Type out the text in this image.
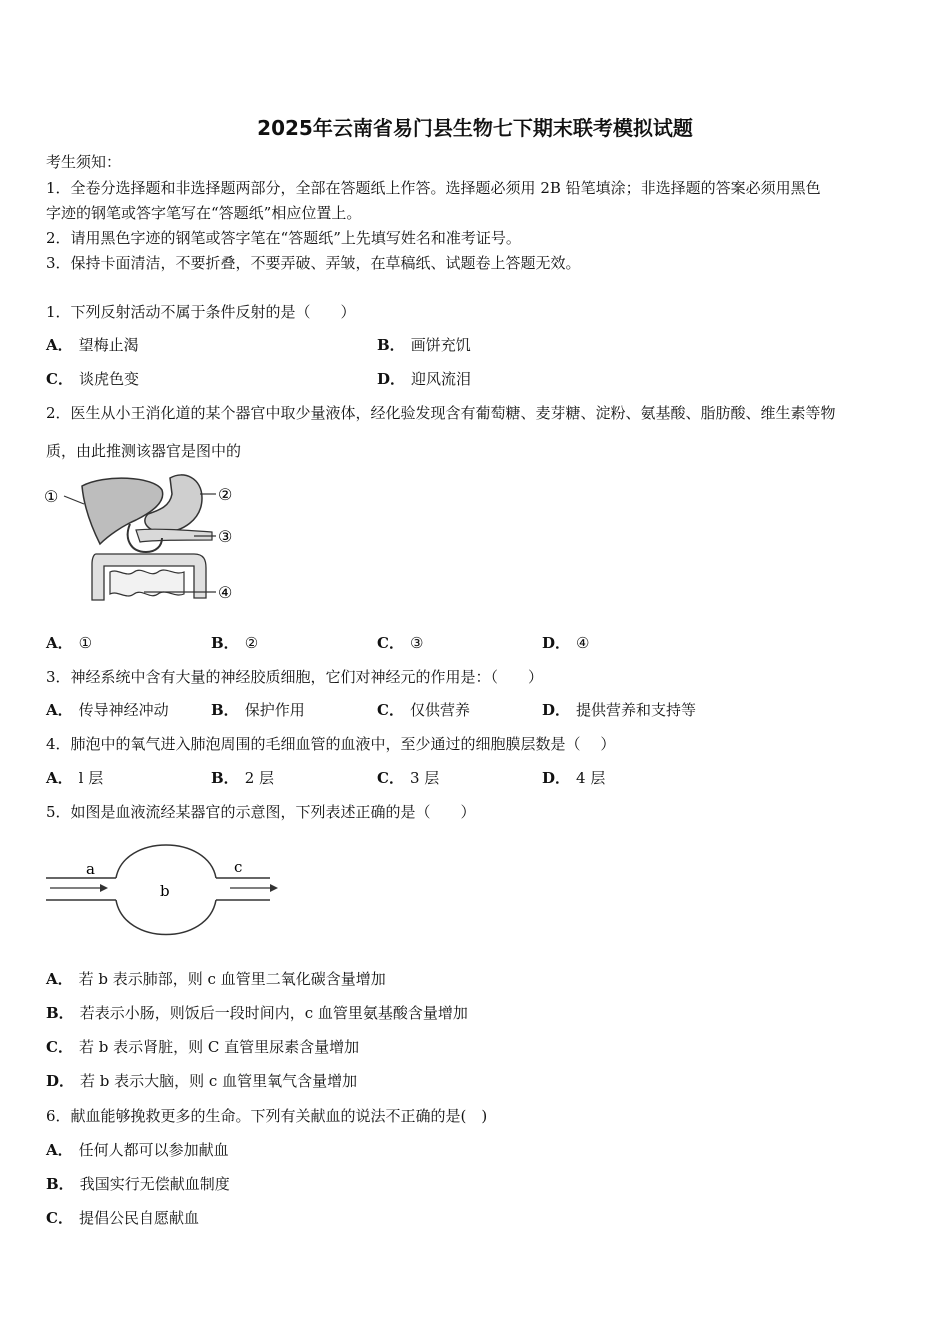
2025年云南省易门县生物七下期末联考模拟试题
考生须知：
1．全卷分选择题和非选择题两部分，全部在答题纸上作答。选择题必须用 2B 铅笔填涂；非选择题的答案必须用黑色
字迹的钢笔或答字笔写在“答题纸”相应位置上。
2．请用黑色字迹的钢笔或答字笔在“答题纸”上先填写姓名和准考证号。
3．保持卡面清洁，不要折叠，不要弄破、弄皱，在草稿纸、试题卷上答题无效。
1．下列反射活动不属于条件反射的是（　　）
A． 望梅止渴	B． 画饼充饥
C． 谈虎色变	D． 迎风流泪
2．医生从小王消化道的某个器官中取少量液体，经化验发现含有葡萄糖、麦芽糖、淀粉、氨基酸、脂肪酸、维生素等物
质，由此推测该器官是图中的
①	②
③
④
A． ①	B． ②	C． ③	D． ④
3．神经系统中含有大量的神经胶质细胞，它们对神经元的作用是：（　　）
A． 传导神经冲动	B． 保护作用	C． 仅供营养	D． 提供营养和支持等
4．肺泡中的氧气进入肺泡周围的毛细血管的血液中，至少通过的细胞膜层数是（　 ）
A． l 层	B． 2 层	C． 3 层	D． 4 层
5．如图是血液流经某器官的示意图，下列表述正确的是（　　）
a
b
c
A． 若 b 表示肺部，则 c 血管里二氧化碳含量增加
B． 若表示小肠，则饭后一段时间内，c 血管里氨基酸含量增加
C． 若 b 表示肾脏，则 C 直管里尿素含量增加
D． 若 b 表示大脑，则 c 血管里氧气含量增加
6．献血能够挽救更多的生命。下列有关献血的说法不正确的是(　)
A． 任何人都可以参加献血
B． 我国实行无偿献血制度
C． 提倡公民自愿献血
